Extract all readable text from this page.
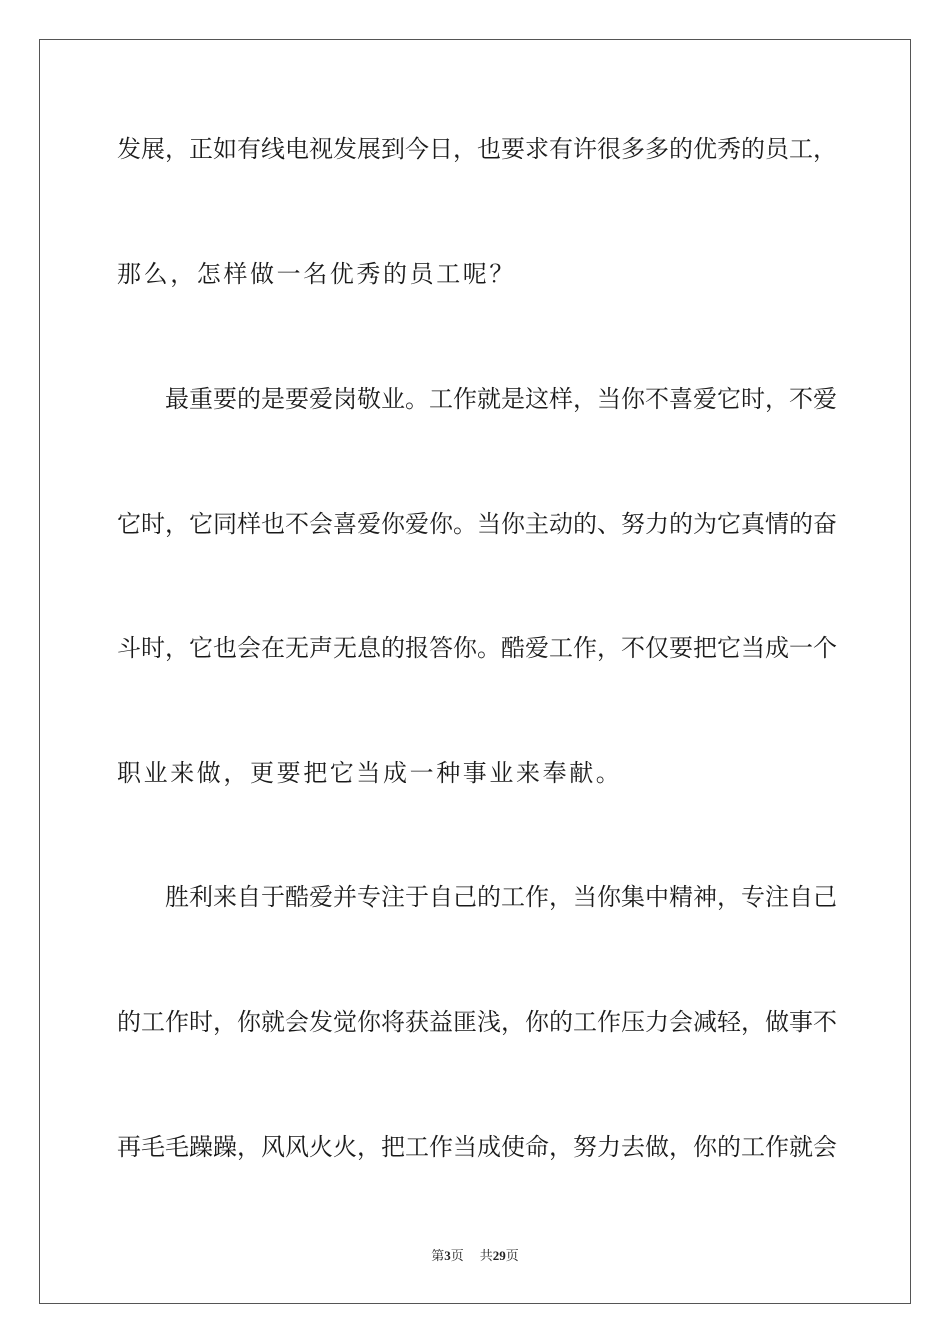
发展，正如有线电视发展到今日，也要求有许很多多的优秀的员工，
那么，怎样做一名优秀的员工呢？
最重要的是要爱岗敬业。工作就是这样，当你不喜爱它时，不爱
它时，它同样也不会喜爱你爱你。当你主动的、努力的为它真情的奋
斗时，它也会在无声无息的报答你。酷爱工作，不仅要把它当成一个
职业来做，更要把它当成一种事业来奉献。
胜利来自于酷爱并专注于自己的工作，当你集中精神，专注自己
的工作时，你就会发觉你将获益匪浅，你的工作压力会减轻，做事不
再毛毛躁躁，风风火火，把工作当成使命，努力去做，你的工作就会
第3页 共29页
